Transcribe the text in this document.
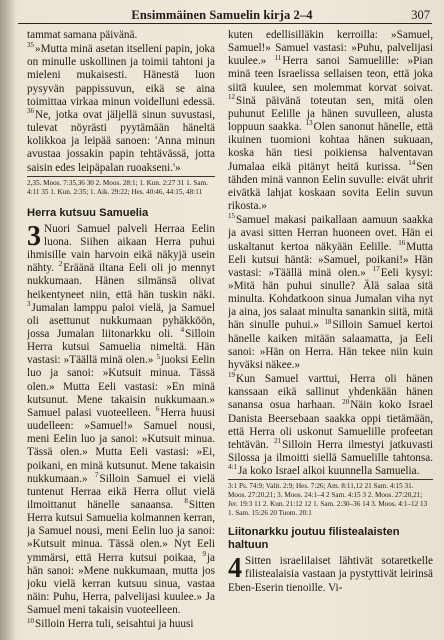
Ensimmäinen Samuelin kirja 2–4	307

tammat samana päivänä.

$^{35}$»Mutta minä asetan itselleni papin, joka on minulle uskollinen ja toimii tahtoni ja mieleni mukaisesti. Hänestä luon pysyvän pappissuvun, eikä se aina toimittaa virkaa minun voidelluni edessä. $^{36}$Ne, jotka ovat jäljellä sinun suvustasi, tulevat nöyrästi pyytämään häneltä kolikkoa ja leipää sanoen: 'Anna minun avustaa jossakin papin tehtävässä, jotta saisin edes leipäpalan ruoakseni.'»

2,35. Moos. 7:35,36 30 2. Moos. 28:1; 1. Kun. 2:27 31 1. Sam. 4:11 35 1. Kun. 2:35; 1. Aik. 29:22; Hes. 40:46, 44:15, 48:11

Herra kutsuu Samuelia

3 Nuori Samuel palveli Herraa Eelin luona. Siihen aikaan Herra puhui ihmisille vain harvoin eikä näkyjä usein nähty. $^2$Eräänä iltana Eeli oli jo mennyt nukkumaan. Hänen silmänsä olivat heikentyneet niin, että hän tuskin näki. $^3$Jumalan lamppu paloi vielä, ja Samuel oli asettunut nukkumaan pyhäkköön, jossa Jumalan liitonarkku oli. $^4$Silloin Herra kutsui Samuelia nimeltä. Hän vastasi: »Täällä minä olen.» $^5$juoksi Eelin luo ja sanoi: »Kutsuit minua. Tässä olen.» Mutta Eeli vastasi: »En minä kutsunut. Mene takaisin nukkumaan.» Samuel palasi vuoteelleen. $^6$Herra huusi uudelleen: »Samuel!» Samuel nousi, meni Eelin luo ja sanoi: »Kutsuit minua. Tässä olen.» Mutta Eeli vastasi: »Ei, poikani, en minä kutsunut. Mene takaisin nukkumaan.» $^7$Silloin Samuel ei vielä tuntenut Herraa eikä Herra ollut vielä ilmoittanut hänelle sanaansa. $^8$Sitten Herra kutsui Samuelia kolmannen kerran, ja Samuel nousi, meni Eelin luo ja sanoi: »Kutsuit minua. Tässä olen.» Nyt Eeli ymmärsi, että Herra kutsui poikaa, $^9$ja hän sanoi: »Mene nukkumaan, mutta jos joku vielä kerran kutsuu sinua, vastaa näin: Puhu, Herra, palvelijasi kuulee.» Ja Samuel meni takaisin vuoteelleen.

$^{10}$Silloin Herra tuli, seisahtui ja huusi

kuten edellisilläkin kerroilla: »Samuel, Samuel!» Samuel vastasi: »Puhu, palvelijasi kuulee.» $^{11}$Herra sanoi Samuelille: »Pian minä teen Israelissa sellaisen teon, että joka siitä kuulee, sen molemmat korvat soivat. $^{12}$Sinä päivänä toteutan sen, mitä olen puhunut Eelille ja hänen suvulleen, alusta loppuun saakka. $^{13}$Olen sanonut hänelle, että ikuinen tuomioni kohtaa hänen sukuaan, koska hän tiesi poikiensa halventavan Jumalaa eikä pitänyt heitä kurissa. $^{14}$Sen tähden minä vannon Eelin suvulle: eivät uhrit eivätkä lahjat koskaan sovita Eelin suvun rikosta.»

$^{15}$Samuel makasi paikallaan aamuun saakka ja avasi sitten Herran huoneen ovet. Hän ei uskaltanut kertoa näkyään Eelille. $^{16}$Mutta Eeli kutsui häntä: »Samuel, poikani!» Hän vastasi: »Täällä minä olen.» $^{17}$Eeli kysyi: »Mitä hän puhui sinulle? Älä salaa sitä minulta. Kohdatkoon sinua Jumalan viha nyt ja aina, jos salaat minulta sanankin siitä, mitä hän sinulle puhui.» $^{18}$Silloin Samuel kertoi hänelle kaiken mitään salaamatta, ja Eeli sanoi: »Hän on Herra. Hän tekee niin kuin hyväksi näkee.»

$^{19}$Kun Samuel varttui, Herra oli hänen kanssaan eikä sallinut yhdenkään hänen sanansa osua harhaan. $^{20}$Näin koko Israel Danista Beersebaan saakka oppi tietämään, että Herra oli uskonut Samuelille profeetan tehtävän. $^{21}$Silloin Herra ilmestyi jatkuvasti Silossa ja ilmoitti siellä Samuelille tahtonsa. $^{4:1}$Ja koko Israel alkoi kuunnella Samuelia.

3:1 Ps. 74:9; Valit. 2:9; Hes. 7:26; Am. 8:11,12 21 Sam. 4:15 31. Moos. 27:20,21; 3. Moos. 24:1–4 2 Sam. 4:15 3 2. Moos. 27:20,21; Jer. 19:3 11 2. Kun. 21:12 12 1. Sam. 2:30–36 14 3. Moos. 4:1–12 13 1. Sam. 15:26 20 Tuom. 20:1

Liitonarkku joutuu filistealaisten haltuun

4 Sitten israelilaiset lähtivät sotaretkelle filistealaisia vastaan ja pystyttivät leirinsä Eben-Eserin tienoille. Vi-
